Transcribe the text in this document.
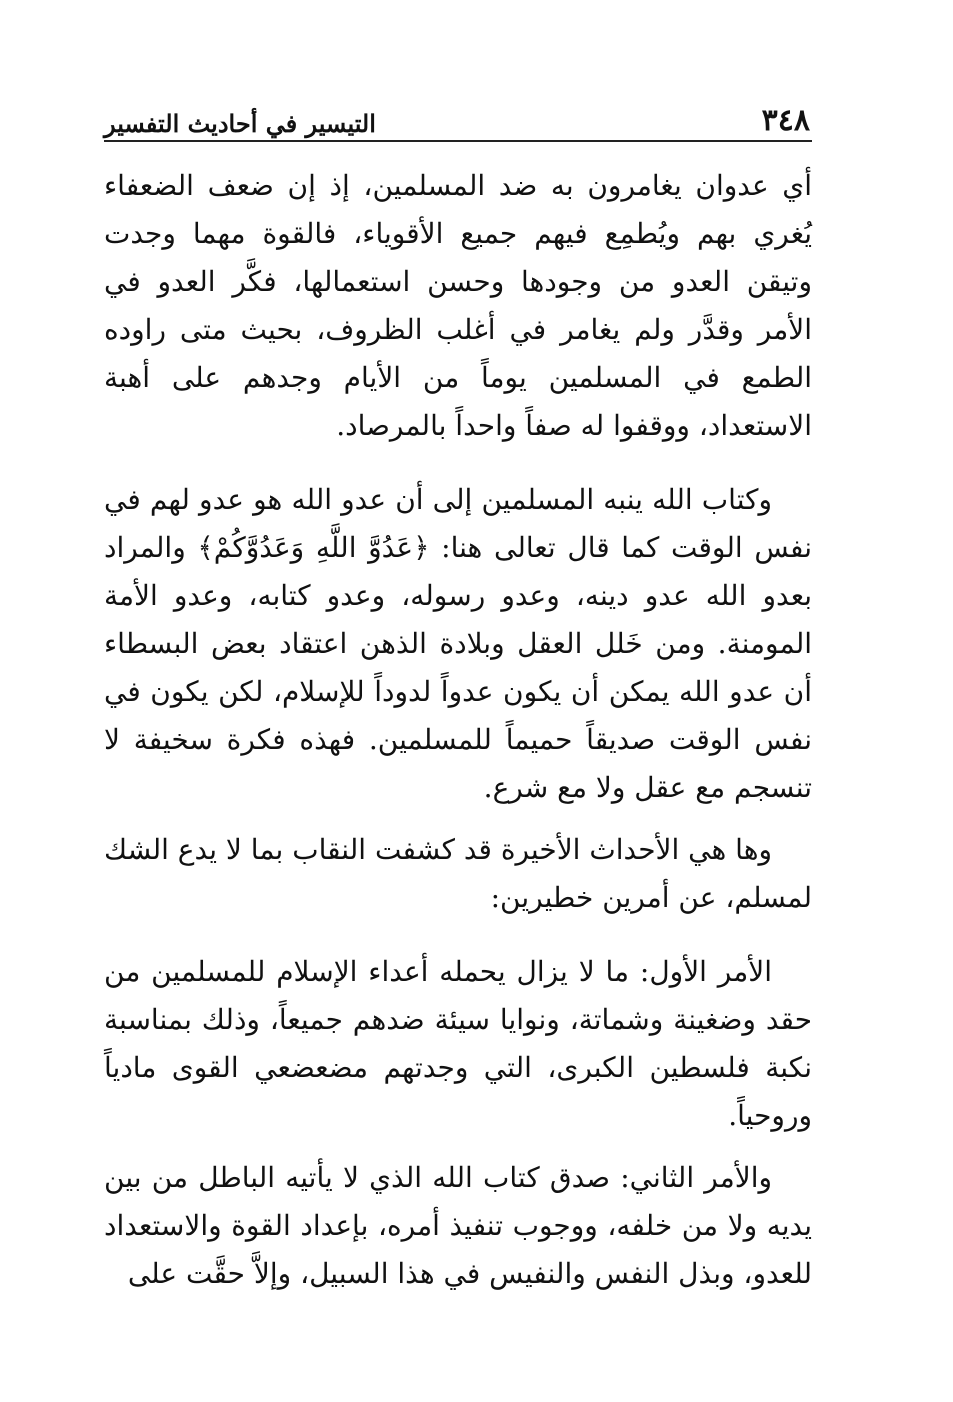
٣٤٨
التيسير في أحاديث التفسير

أي عدوان يغامرون به ضد المسلمين، إذ إن ضعف الضعفاء يُغري بهم ويُطمِع فيهم جميع الأقوياء، فالقوة مهما وجدت وتيقن العدو من وجودها وحسن استعمالها، فكَّر العدو في الأمر وقدَّر ولم يغامر في أغلب الظروف، بحيث متى راوده الطمع في المسلمين يوماً من الأيام وجدهم على أهبة الاستعداد، ووقفوا له صفاً واحداً بالمرصاد.

وكتاب الله ينبه المسلمين إلى أن عدو الله هو عدو لهم في نفس الوقت كما قال تعالى هنا: ﴿عَدُوَّ اللَّهِ وَعَدُوَّكُمْ﴾ والمراد بعدو الله عدو دينه، وعدو رسوله، وعدو كتابه، وعدو الأمة المومنة. ومن خَلل العقل وبلادة الذهن اعتقاد بعض البسطاء أن عدو الله يمكن أن يكون عدواً لدوداً للإسلام، لكن يكون في نفس الوقت صديقاً حميماً للمسلمين. فهذه فكرة سخيفة لا تنسجم مع عقل ولا مع شرع.

وها هي الأحداث الأخيرة قد كشفت النقاب بما لا يدع الشك لمسلم، عن أمرين خطيرين:

الأمر الأول: ما لا يزال يحمله أعداء الإسلام للمسلمين من حقد وضغينة وشماتة، ونوايا سيئة ضدهم جميعاً، وذلك بمناسبة نكبة فلسطين الكبرى، التي وجدتهم مضعضعي القوى مادياً وروحياً.

والأمر الثاني: صدق كتاب الله الذي لا يأتيه الباطل من بين يديه ولا من خلفه، ووجوب تنفيذ أمره، بإعداد القوة والاستعداد للعدو، وبذل النفس والنفيس في هذا السبيل، وإلاَّ حقَّت على
